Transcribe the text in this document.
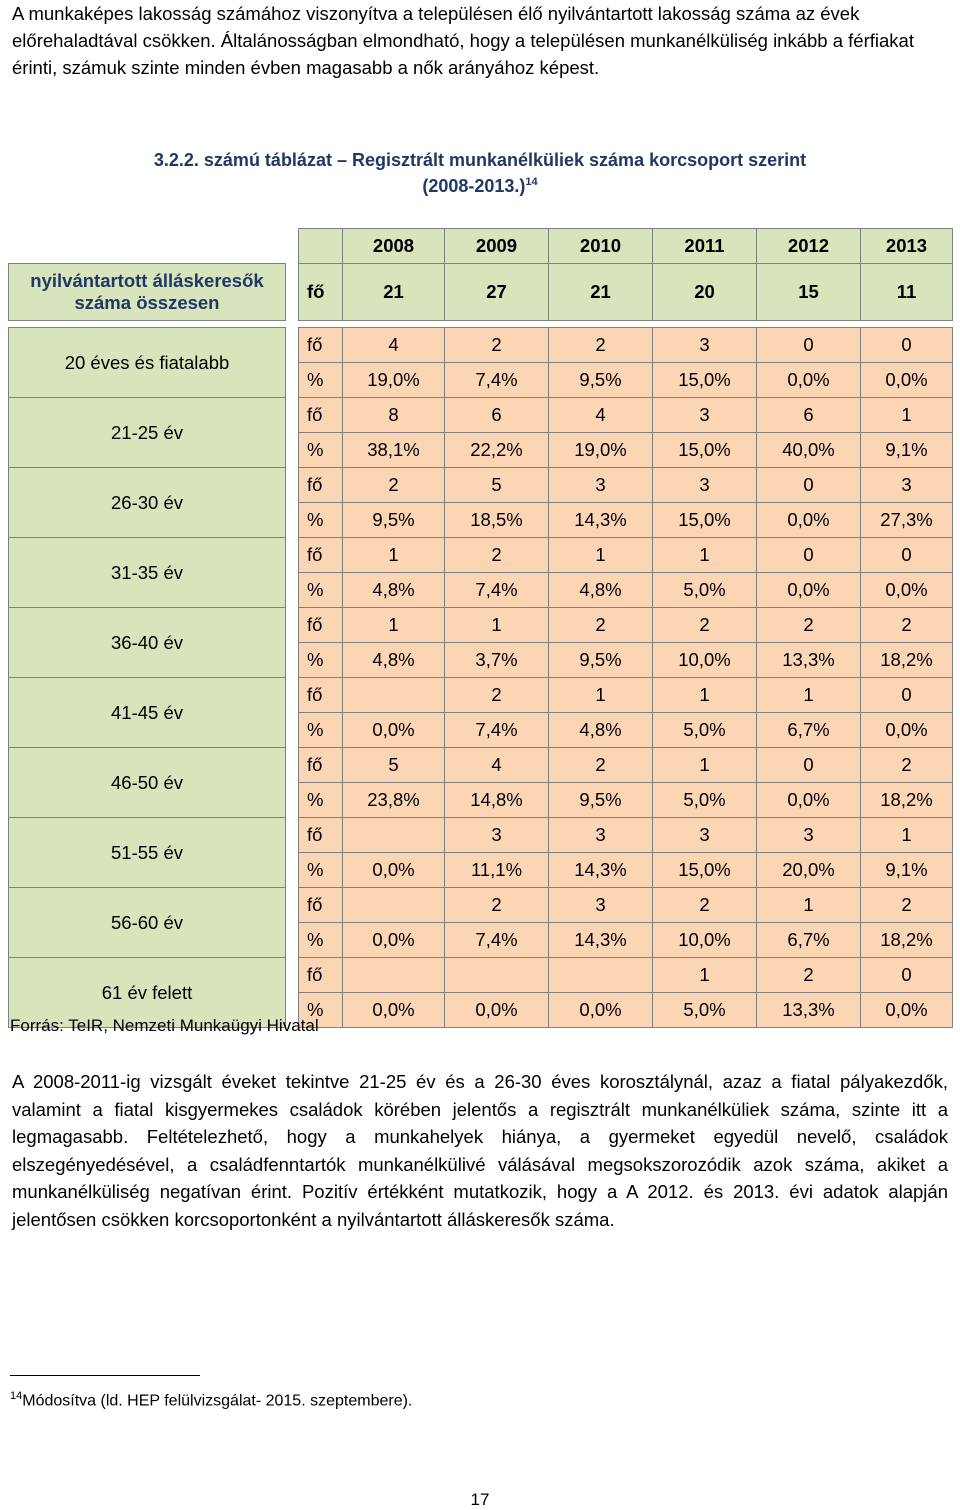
A munkaképes lakosság számához viszonyítva a településen élő nyilvántartott lakosság száma az évek előrehaladtával csökken. Általánosságban elmondható, hogy a településen munkanélküliség inkább a férfiakat érinti, számuk szinte minden évben magasabb a nők arányához képest.

3.2.2. számú táblázat – Regisztrált munkanélküliek száma korcsoport szerint

$(2008-2013.)^{14}$

			2008	2009	2010	2011	2012	2013
nyilvántartott álláskeresők száma összesen		fő	21	27	21	20	15	11

20 éves és fiatalabb		fő	4	2	2	3	0	0
		%	19,0%	7,4%	9,5%	15,0%	0,0%	0,0%
21-25 év		fő	8	6	4	3	6	1
		%	38,1%	22,2%	19,0%	15,0%	40,0%	9,1%
26-30 év		fő	2	5	3	3	0	3
		%	9,5%	18,5%	14,3%	15,0%	0,0%	27,3%
31-35 év		fő	1	2	1	1	0	0
		%	4,8%	7,4%	4,8%	5,0%	0,0%	0,0%
36-40 év		fő	1	1	2	2	2	2
		%	4,8%	3,7%	9,5%	10,0%	13,3%	18,2%
41-45 év		fő		2	1	1	1	0
		%	0,0%	7,4%	4,8%	5,0%	6,7%	0,0%
46-50 év		fő	5	4	2	1	0	2
		%	23,8%	14,8%	9,5%	5,0%	0,0%	18,2%
51-55 év		fő		3	3	3	3	1
		%	0,0%	11,1%	14,3%	15,0%	20,0%	9,1%
56-60 év		fő		2	3	2	1	2
		%	0,0%	7,4%	14,3%	10,0%	6,7%	18,2%
61 év felett		fő				1	2	0
		%	0,0%	0,0%	0,0%	5,0%	13,3%	0,0%

Forrás: TeIR, Nemzeti Munkaügyi Hivatal

A 2008-2011-ig vizsgált éveket tekintve 21-25 év és a 26-30 éves korosztálynál, azaz a fiatal pályakezdők, valamint a fiatal kisgyermekes családok körében jelentős a regisztrált munkanélküliek száma, szinte itt a legmagasabb. Feltételezhető, hogy a munkahelyek hiánya, a gyermeket egyedül nevelő, családok elszegényedésével, a családfenntartók munkanélkülivé válásával megsokszorozódik azok száma, akiket a munkanélküliség negatívan érint. Pozitív értékként mutatkozik, hogy a A 2012. és 2013. évi adatok alapján jelentősen csökken korcsoportonként a nyilvántartott álláskeresők száma.

$^{14}$Módosítva (ld. HEP felülvizsgálat- 2015. szeptembere).

17
